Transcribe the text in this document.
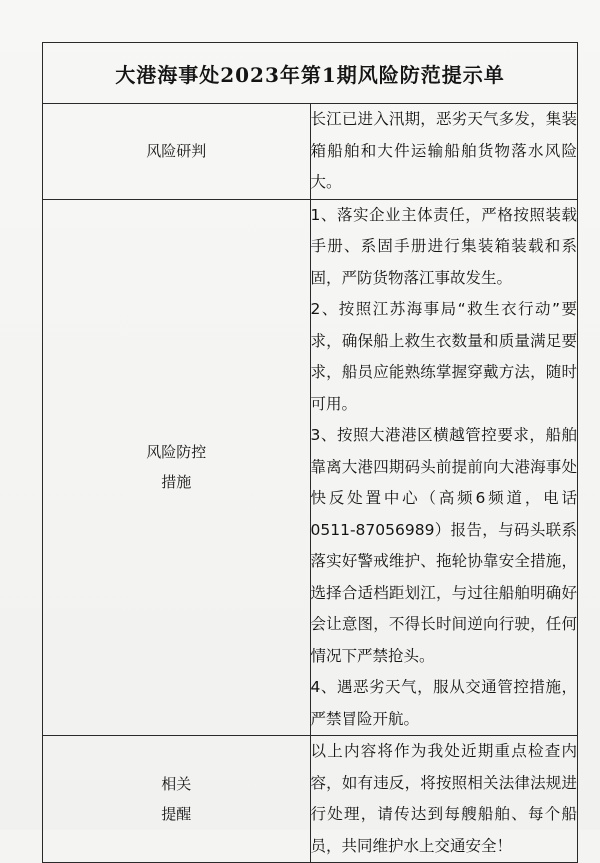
大港海事处2023年第1期风险防范提示单	
风险研判	长江已进入汛期，恶劣天气多发，集装箱船舶和大件运输船舶货物落水风险大。

风险防控
措施	1、落实企业主体责任，严格按照装载手册、系固手册进行集装箱装载和系固，严防货物落江事故发生。
2、按照江苏海事局“救生衣行动”要求，确保船上救生衣数量和质量满足要求，船员应能熟练掌握穿戴方法，随时可用。
3、按照大港港区横越管控要求，船舶靠离大港四期码头前提前向大港海事处快反处置中心（高频6频道，电话0511-87056989）报告，与码头联系落实好警戒维护、拖轮协靠安全措施，选择合适档距划江，与过往船舶明确好会让意图，不得长时间逆向行驶，任何情况下严禁抢头。
4、遇恶劣天气，服从交通管控措施，严禁冒险开航。

相关
提醒	以上内容将作为我处近期重点检查内容，如有违反，将按照相关法律法规进行处理，请传达到每艘船舶、每个船员，共同维护水上交通安全！
